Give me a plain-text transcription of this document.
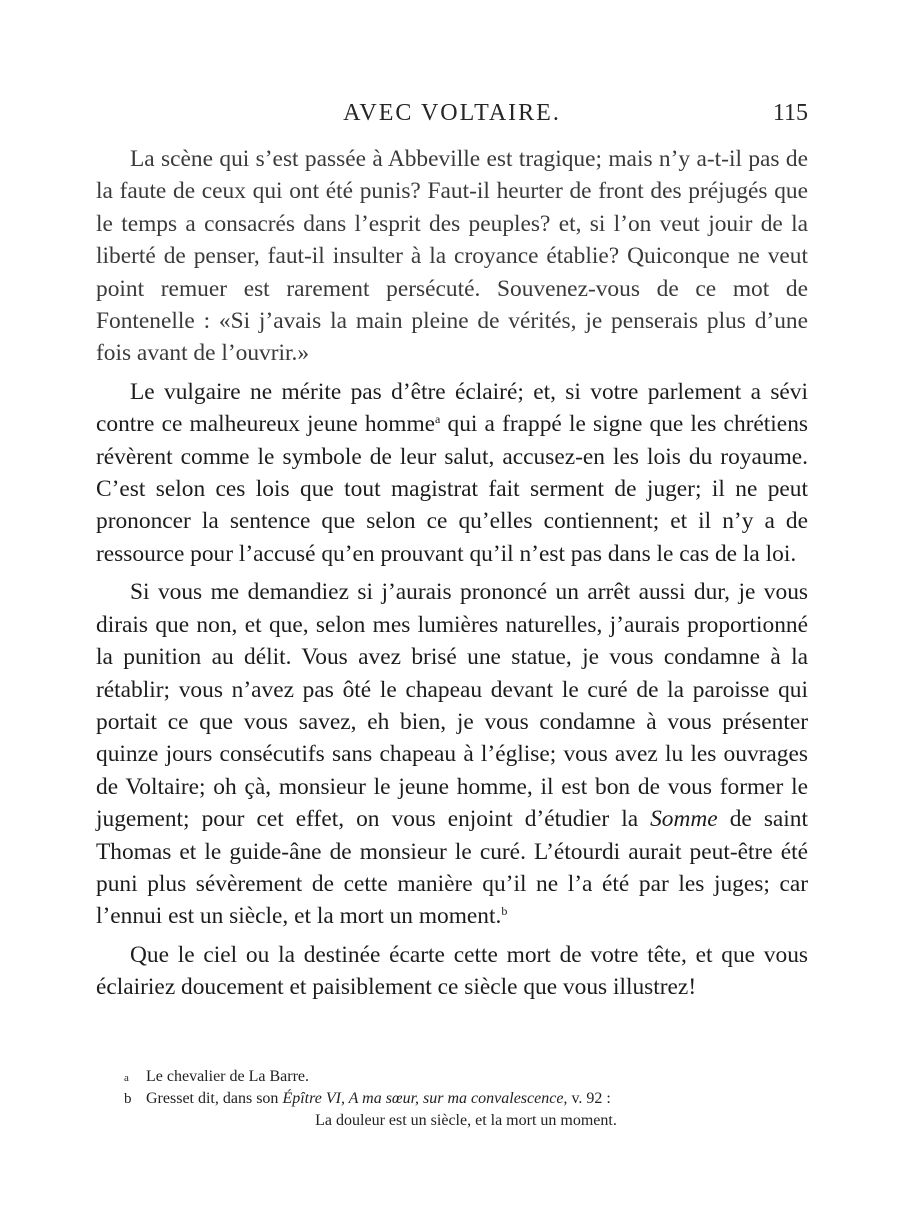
AVEC VOLTAIRE.	115

La scène qui s’est passée à Abbeville est tragique; mais n’y a-t-il pas de la faute de ceux qui ont été punis? Faut-il heurter de front des préjugés que le temps a consacrés dans l’esprit des peuples? et, si l’on veut jouir de la liberté de penser, faut-il insulter à la croyance établie? Quiconque ne veut point remuer est rarement persécuté. Souvenez-vous de ce mot de Fontenelle : «Si j’avais la main pleine de vérités, je penserais plus d’une fois avant de l’ouvrir.»

Le vulgaire ne mérite pas d’être éclairé; et, si votre parlement a sévi contre ce malheureux jeune homme$^a$ qui a frappé le signe que les chrétiens révèrent comme le symbole de leur salut, accusez-en les lois du royaume. C’est selon ces lois que tout magistrat fait serment de juger; il ne peut prononcer la sentence que selon ce qu’elles contiennent; et il n’y a de ressource pour l’accusé qu’en prouvant qu’il n’est pas dans le cas de la loi.

Si vous me demandiez si j’aurais prononcé un arrêt aussi dur, je vous dirais que non, et que, selon mes lumières naturelles, j’aurais proportionné la punition au délit. Vous avez brisé une statue, je vous condamne à la rétablir; vous n’avez pas ôté le chapeau devant le curé de la paroisse qui portait ce que vous savez, eh bien, je vous condamne à vous présenter quinze jours consécutifs sans chapeau à l’église; vous avez lu les ouvrages de Voltaire; oh çà, monsieur le jeune homme, il est bon de vous former le jugement; pour cet effet, on vous enjoint d’étudier la Somme de saint Thomas et le guide-âne de monsieur le curé. L’étourdi aurait peut-être été puni plus sévèrement de cette manière qu’il ne l’a été par les juges; car l’ennui est un siècle, et la mort un moment.$^b$

Que le ciel ou la destinée écarte cette mort de votre tête, et que vous éclairiez doucement et paisiblement ce siècle que vous illustrez!

a Le chevalier de La Barre.
b Gresset dit, dans son Épître VI, A ma sœur, sur ma convalescence, v. 92 :
La douleur est un siècle, et la mort un moment.
